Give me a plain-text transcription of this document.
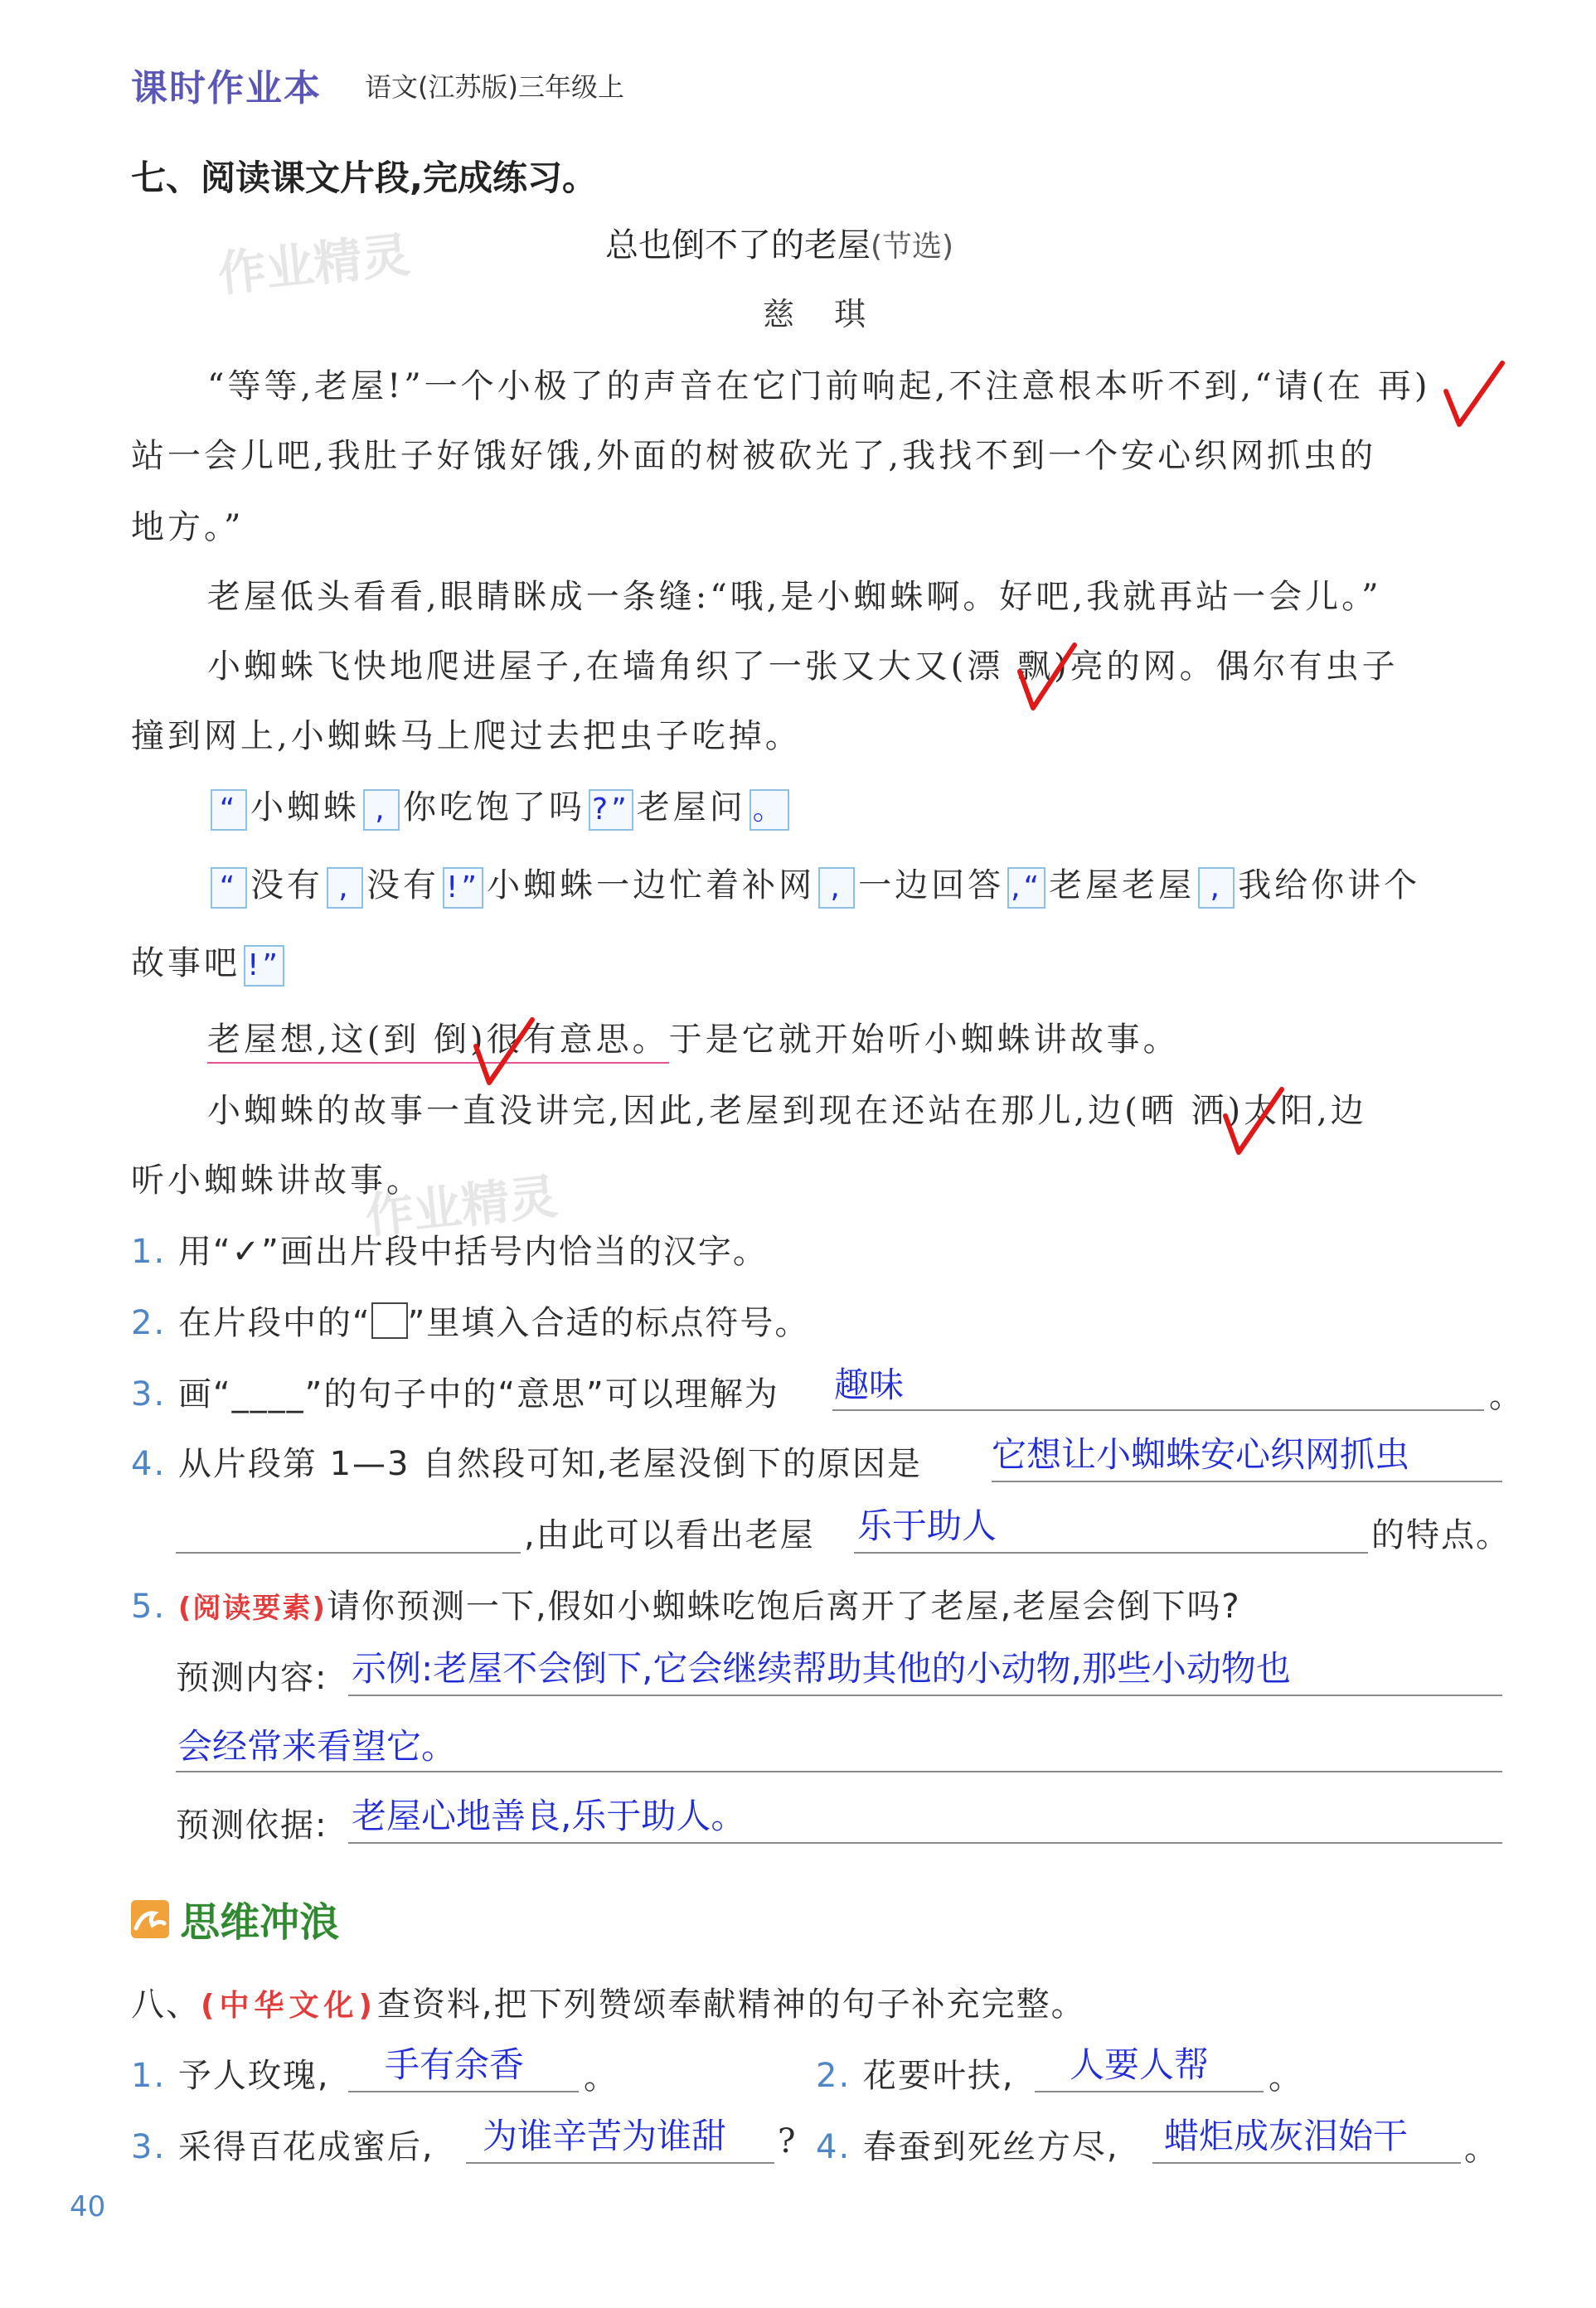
课时作业本 语文(江苏版)三年级上
作业精灵
作业精灵
七、阅读课文片段,完成练习。
总也倒不了的老屋(节选)
慈 琪
“等等,老屋!”一个小极了的声音在它门前响起,不注意根本听不到,“请(在 再)
站一会儿吧,我肚子好饿好饿,外面的树被砍光了,我找不到一个安心织网抓虫的
地方。”
老屋低头看看,眼睛眯成一条缝:“哦,是小蜘蛛啊。好吧,我就再站一会儿。”
小蜘蛛飞快地爬进屋子,在墙角织了一张又大又(漂 飘)亮的网。偶尔有虫子
撞到网上,小蜘蛛马上爬过去把虫子吃掉。
“ 小蜘蛛 , 你吃饱了吗 ?” 老屋问 。
“ 没有 , 没有 !” 小蜘蛛一边忙着补网 , 一边回答 ,“ 老屋老屋 , 我给你讲个
故事吧 !”
老屋想,这(到 倒)很有意思。于是它就开始听小蜘蛛讲故事。
小蜘蛛的故事一直没讲完,因此,老屋到现在还站在那儿,边(晒 洒)太阳,边
听小蜘蛛讲故事。
1. 用“✓”画出片段中括号内恰当的汉字。
2. 在片段中的“ ”里填入合适的标点符号。
3. 画“____”的句子中的“意思”可以理解为 趣味	。
4. 从片段第 1—3 自然段可知,老屋没倒下的原因是 它想让小蜘蛛安心织网抓虫
,由此可以看出老屋 乐于助人	的特点。
5. (阅读要素)请你预测一下,假如小蜘蛛吃饱后离开了老屋,老屋会倒下吗?
预测内容: 示例:老屋不会倒下,它会继续帮助其他的小动物,那些小动物也
会经常来看望它。
预测依据: 老屋心地善良,乐于助人。
思维冲浪
八、(中华文化)查资料,把下列赞颂奉献精神的句子补充完整。
1. 予人玫瑰, 手有余香 。	2. 花要叶扶, 人要人帮 。
3. 采得百花成蜜后, 为谁辛苦为谁甜 ? 4. 春蚕到死丝方尽, 蜡炬成灰泪始干 。
40
